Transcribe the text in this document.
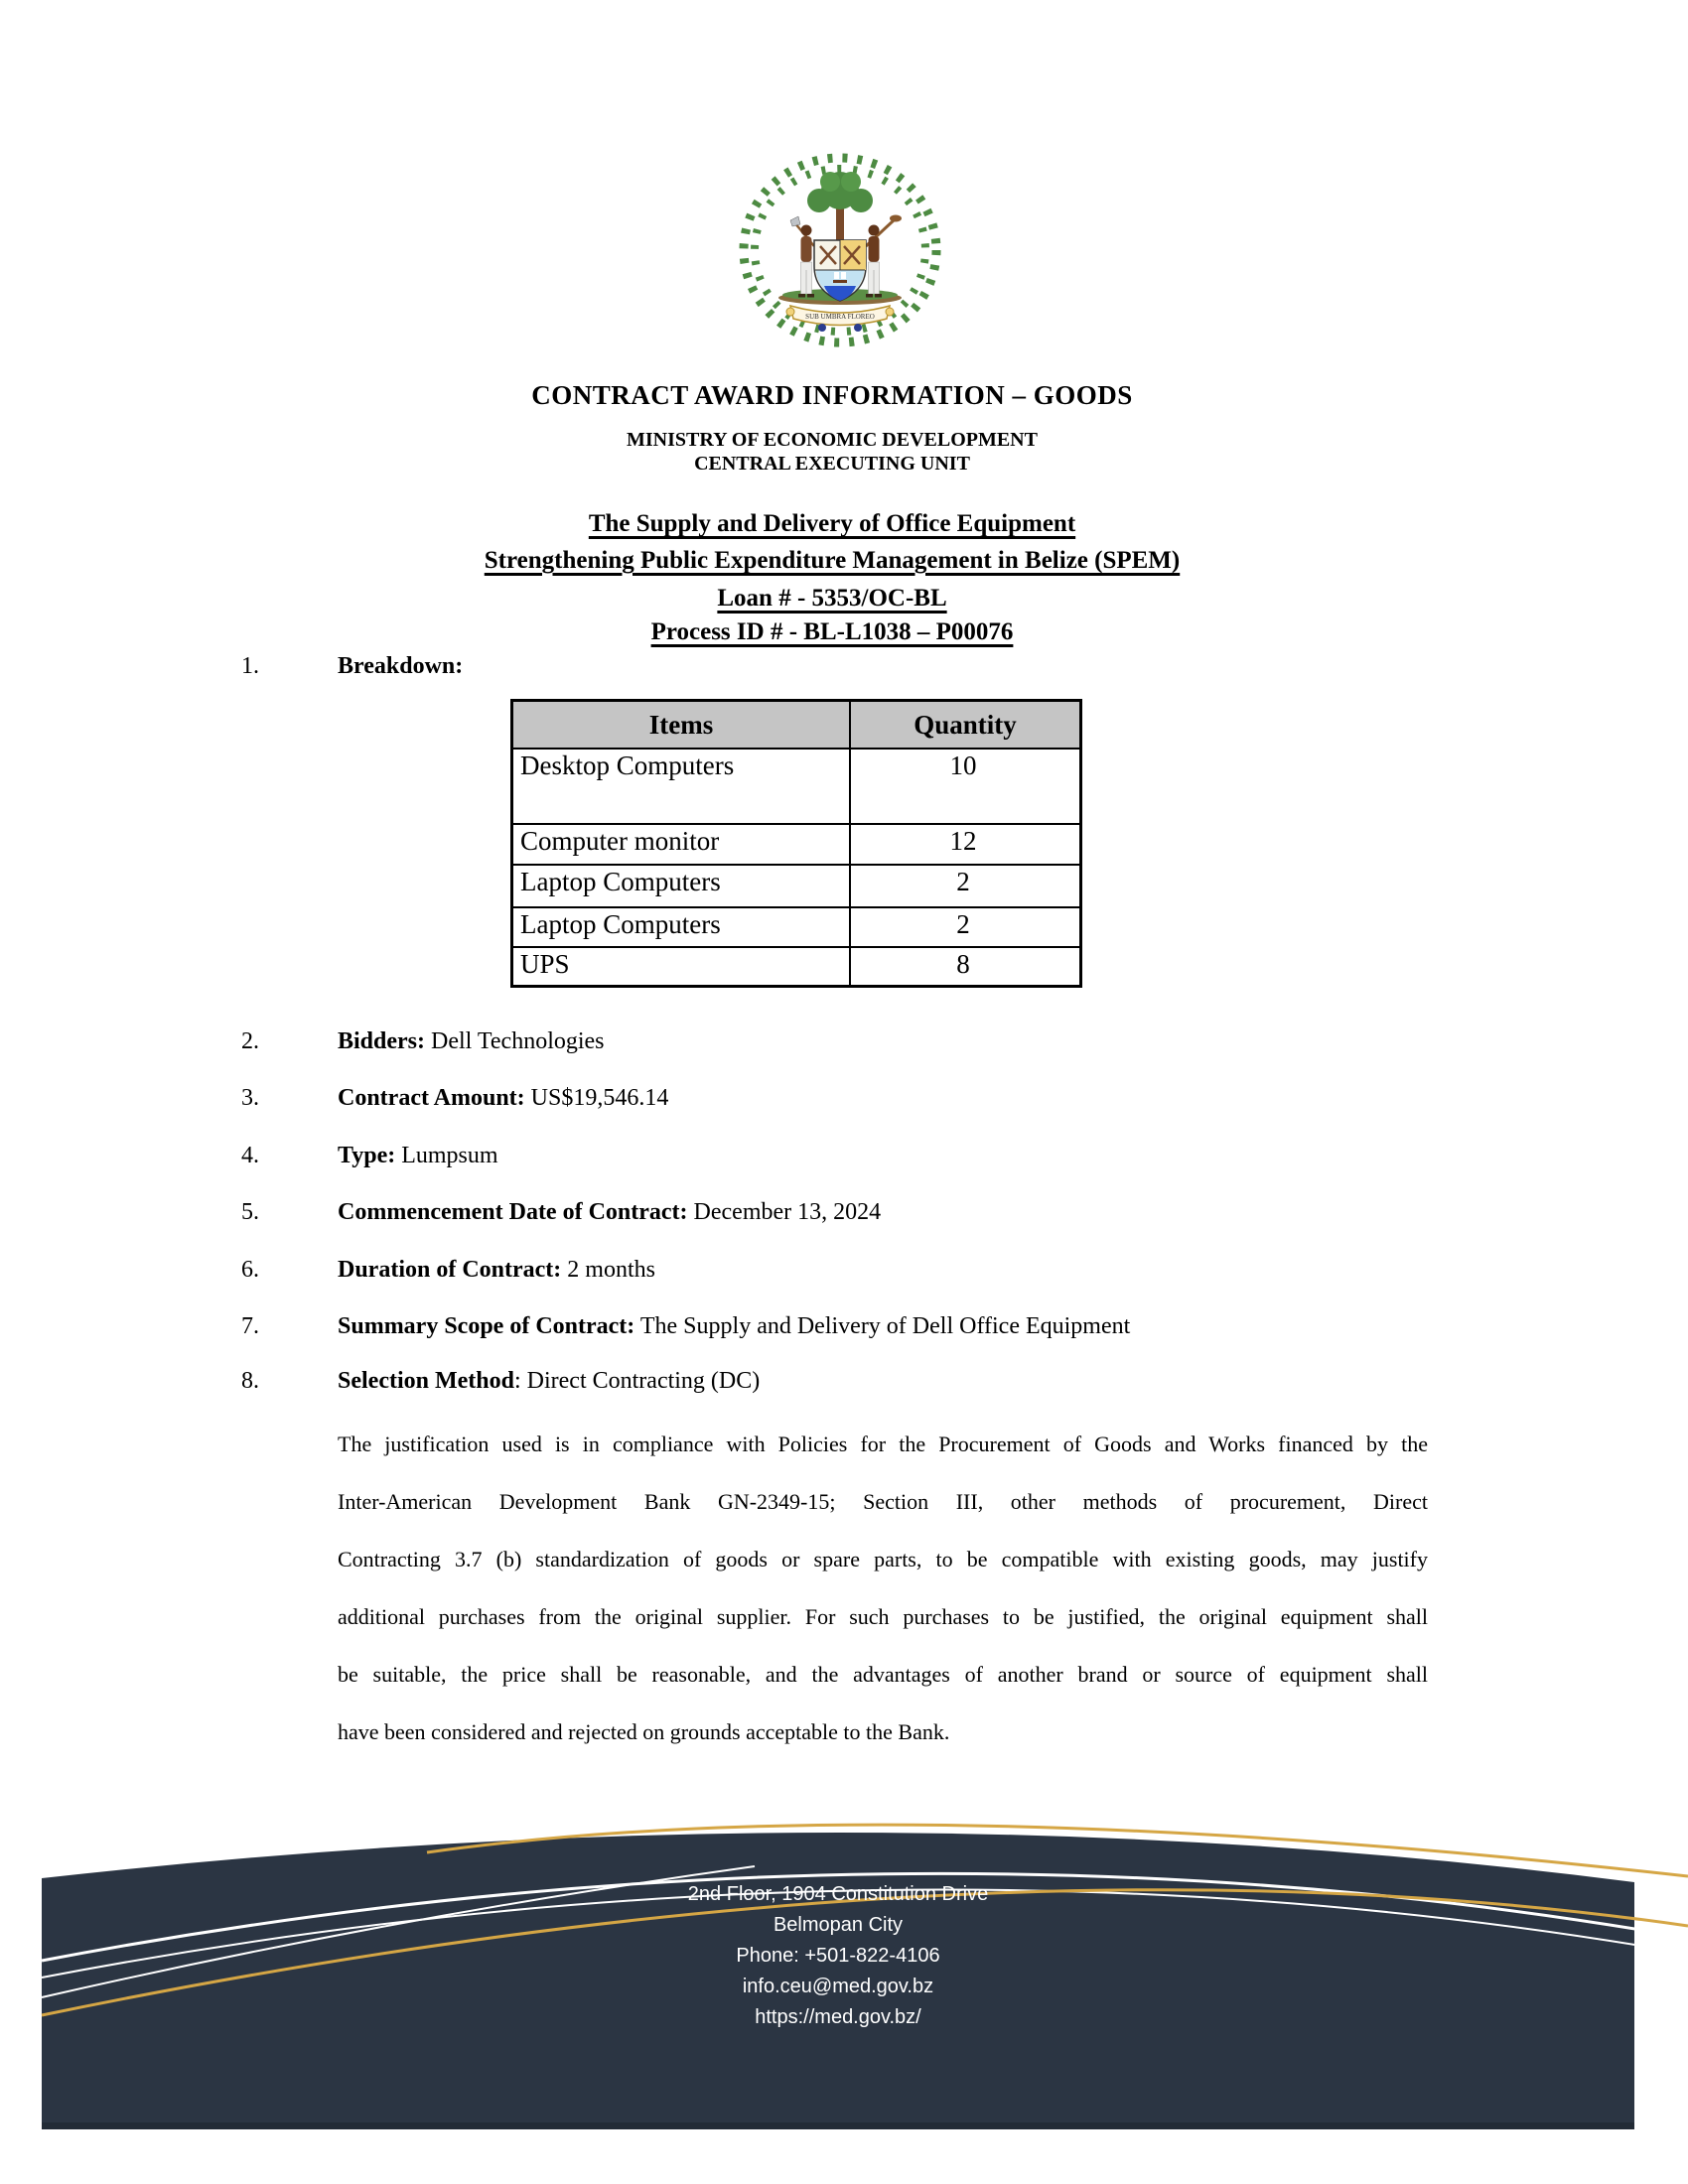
SUB UMBRA FLOREO
CONTRACT AWARD INFORMATION – GOODS
MINISTRY OF ECONOMIC DEVELOPMENT
CENTRAL EXECUTING UNIT
The Supply and Delivery of Office Equipment
Strengthening Public Expenditure Management in Belize (SPEM)
Loan # - 5353/OC-BL
Process ID # - BL-L1038 – P00076
1.	Breakdown:
Items	Quantity
Desktop Computers	10
Computer monitor	12
Laptop Computers	2
Laptop Computers	2
UPS	8
2.	Bidders: Dell Technologies
3.	Contract Amount: US$19,546.14
4.	Type: Lumpsum
5.	Commencement Date of Contract: December 13, 2024
6.	Duration of Contract: 2 months
7.	Summary Scope of Contract: The Supply and Delivery of Dell Office Equipment
8.	Selection Method: Direct Contracting (DC)
The justification used is in compliance with Policies for the Procurement of Goods and Works financed by the
Inter-American Development Bank GN-2349-15; Section III, other methods of procurement, Direct
Contracting 3.7 (b) standardization of goods or spare parts, to be compatible with existing goods, may justify
additional purchases from the original supplier. For such purchases to be justified, the original equipment shall
be suitable, the price shall be reasonable, and the advantages of another brand or source of equipment shall
have been considered and rejected on grounds acceptable to the Bank.
2nd Floor, 1904 Constitution Drive
Belmopan City
Phone: +501-822-4106
info.ceu@med.gov.bz
https://med.gov.bz/
